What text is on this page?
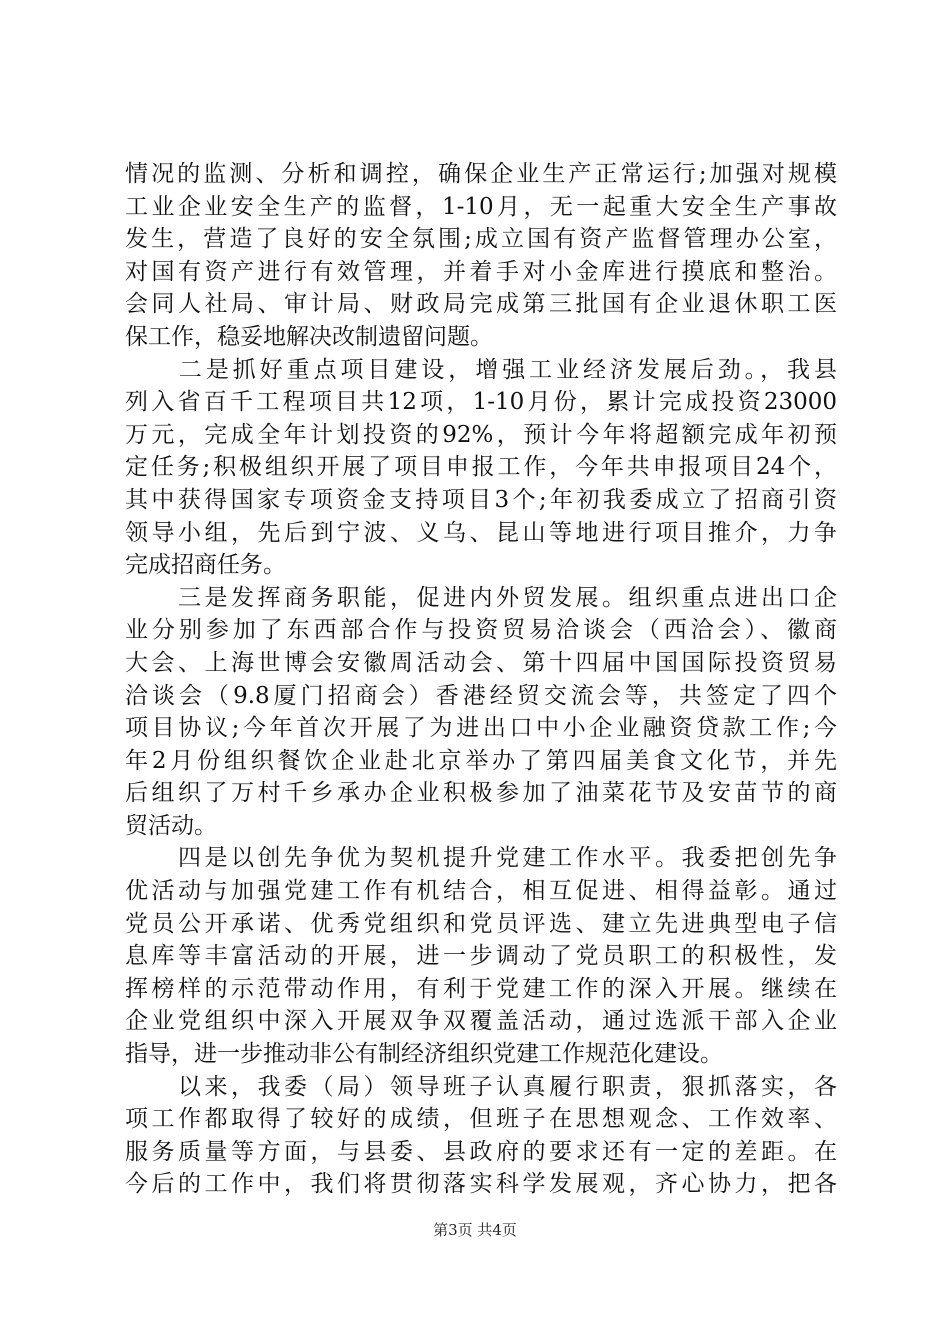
情况的监测、分析和调控，确保企业生产正常运行;加强对规模
工业企业安全生产的监督，1-10月，无一起重大安全生产事故
发生，营造了良好的安全氛围;成立国有资产监督管理办公室，
对国有资产进行有效管理，并着手对小金库进行摸底和整治。
会同人社局、审计局、财政局完成第三批国有企业退休职工医
保工作，稳妥地解决改制遗留问题。
　　二是抓好重点项目建设，增强工业经济发展后劲。，我县
列入省百千工程项目共12项，1-10月份，累计完成投资23000
万元，完成全年计划投资的92%，预计今年将超额完成年初预
定任务;积极组织开展了项目申报工作，今年共申报项目24个，
其中获得国家专项资金支持项目3个;年初我委成立了招商引资
领导小组，先后到宁波、义乌、昆山等地进行项目推介，力争
完成招商任务。
　　三是发挥商务职能，促进内外贸发展。组织重点进出口企
业分别参加了东西部合作与投资贸易洽谈会（西洽会）、徽商
大会、上海世博会安徽周活动会、第十四届中国国际投资贸易
洽谈会（9.8厦门招商会）香港经贸交流会等，共签定了四个
项目协议;今年首次开展了为进出口中小企业融资贷款工作;今
年2月份组织餐饮企业赴北京举办了第四届美食文化节，并先
后组织了万村千乡承办企业积极参加了油菜花节及安苗节的商
贸活动。
　　四是以创先争优为契机提升党建工作水平。我委把创先争
优活动与加强党建工作有机结合，相互促进、相得益彰。通过
党员公开承诺、优秀党组织和党员评选、建立先进典型电子信
息库等丰富活动的开展，进一步调动了党员职工的积极性，发
挥榜样的示范带动作用，有利于党建工作的深入开展。继续在
企业党组织中深入开展双争双覆盖活动，通过选派干部入企业
指导，进一步推动非公有制经济组织党建工作规范化建设。
　　以来，我委（局）领导班子认真履行职责，狠抓落实，各
项工作都取得了较好的成绩，但班子在思想观念、工作效率、
服务质量等方面，与县委、县政府的要求还有一定的差距。在
今后的工作中，我们将贯彻落实科学发展观，齐心协力，把各
第3页 共4页
